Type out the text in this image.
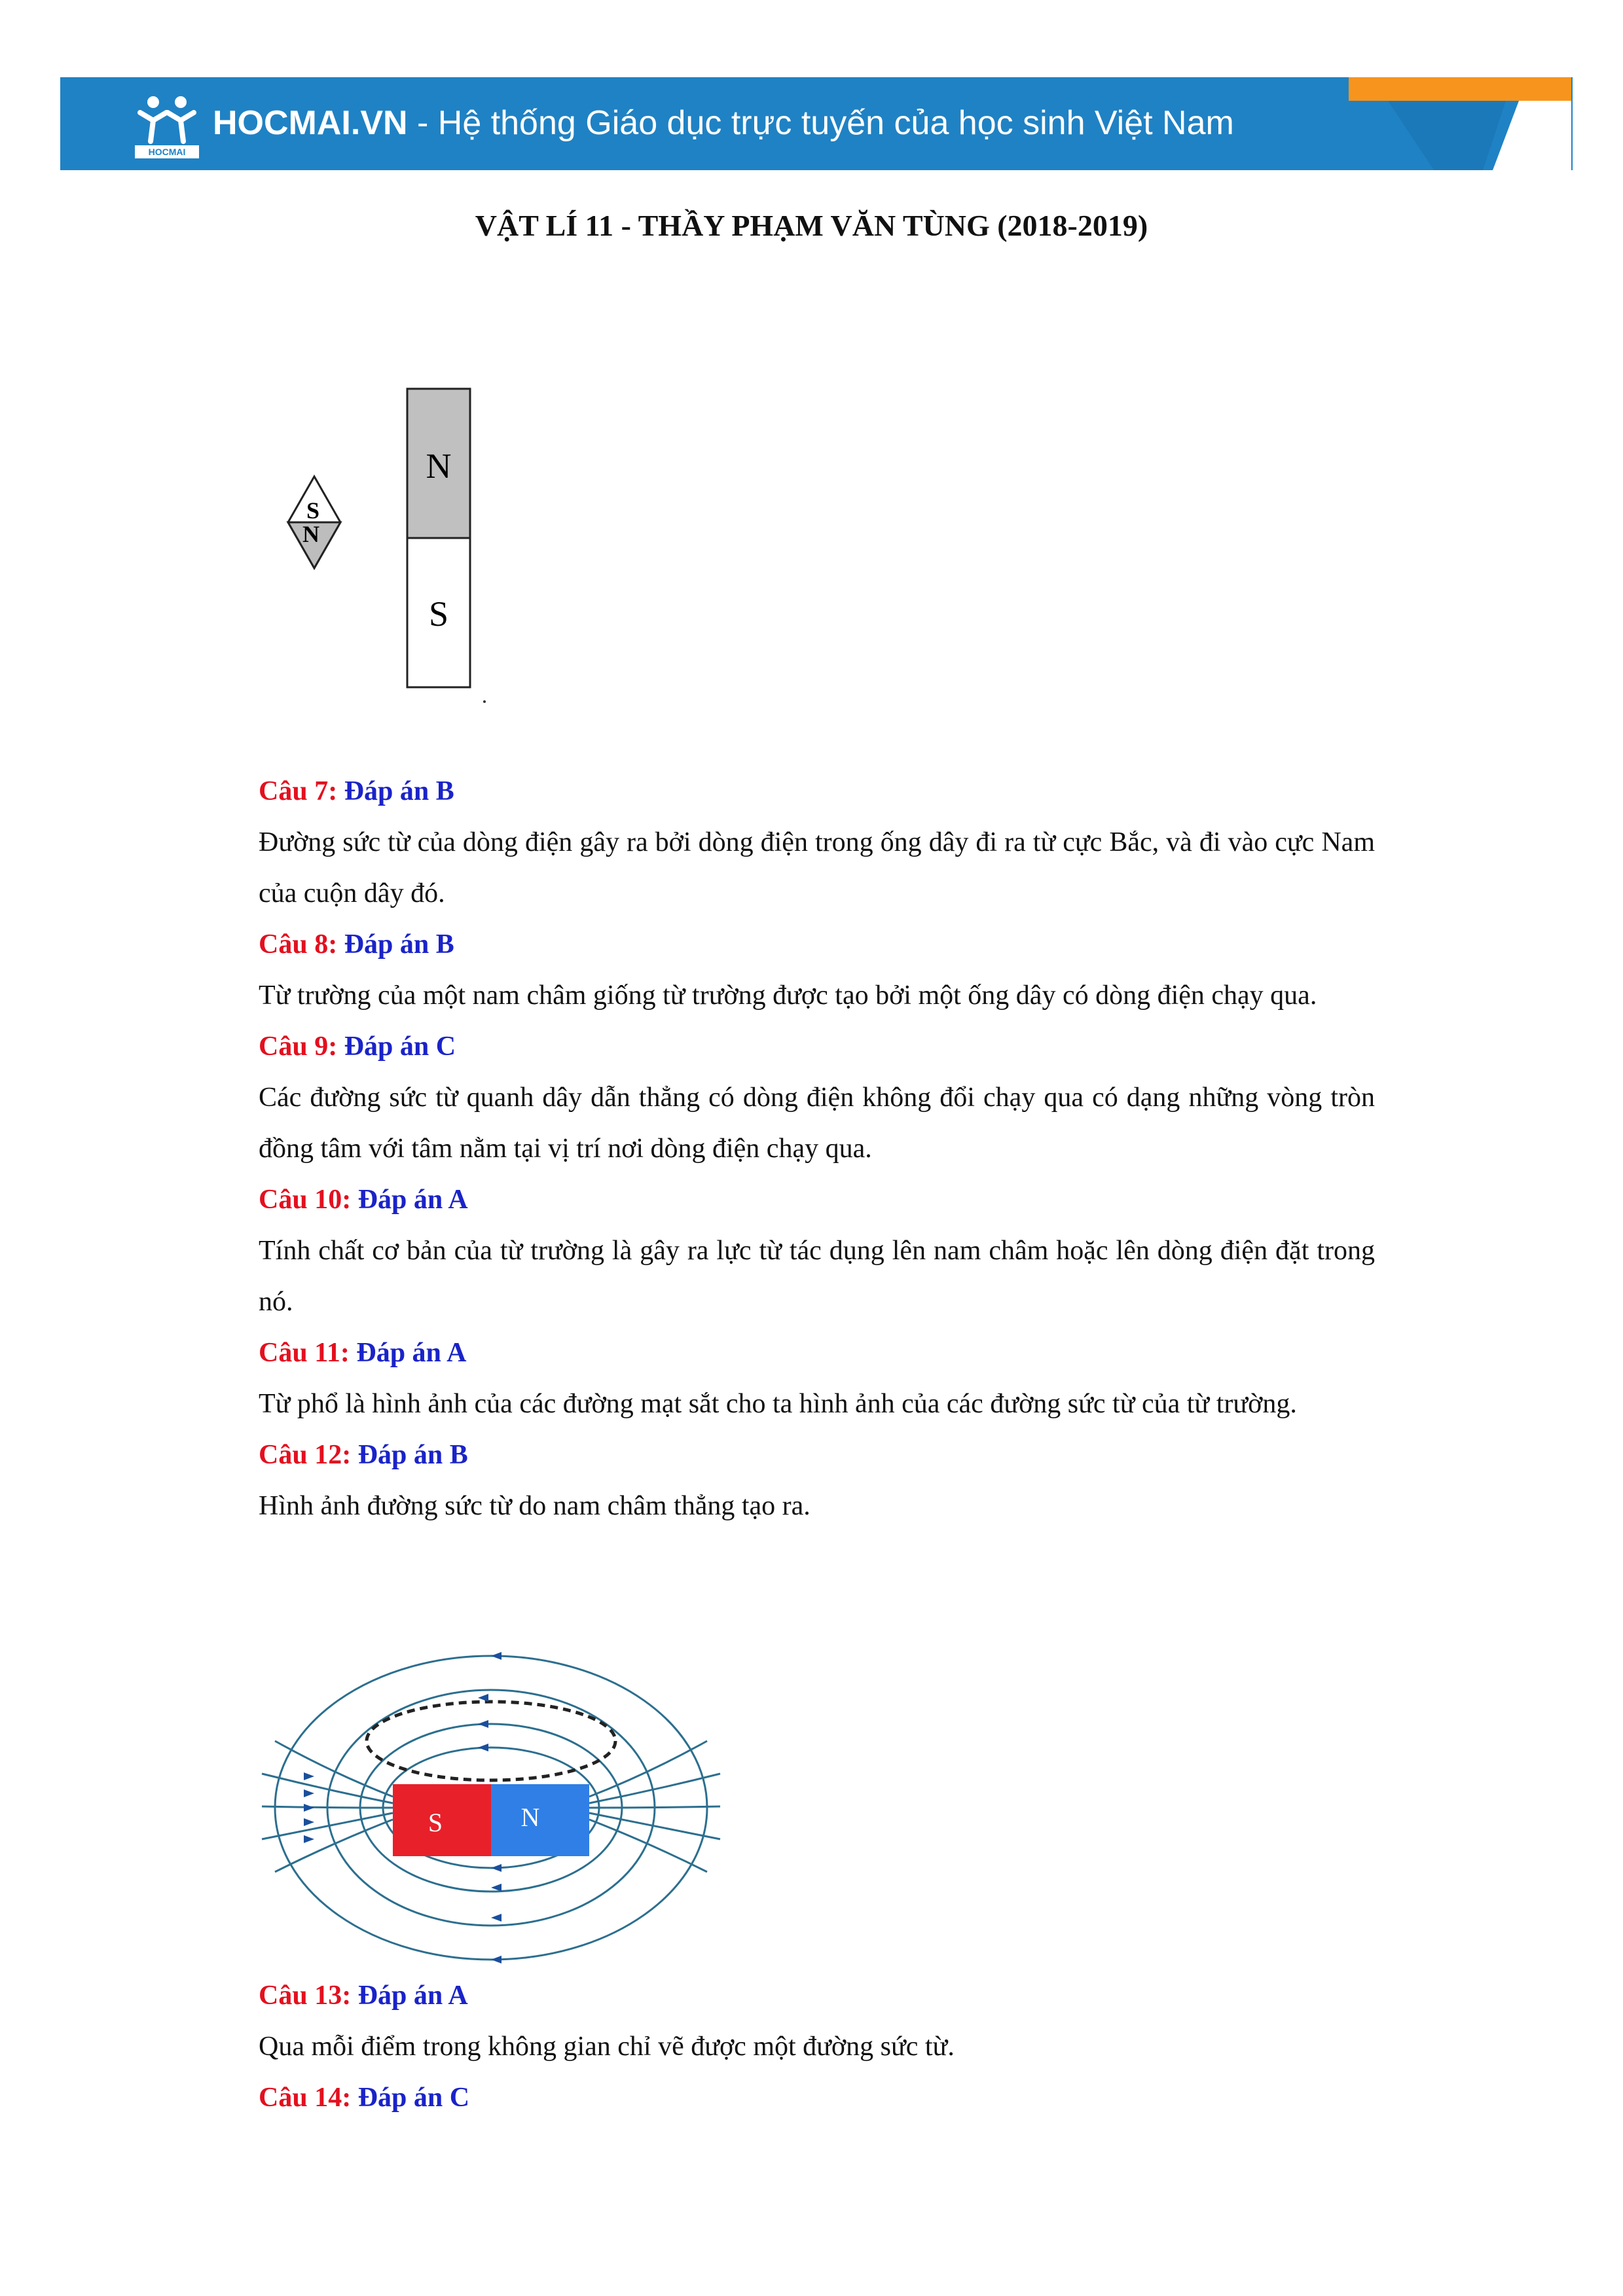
HOCMAI
HOCMAI.VN - Hệ thống Giáo dục trực tuyến của học sinh Việt Nam
VẬT LÍ 11 - THẦY PHẠM VĂN TÙNG (2018-2019)
S
N
N
S

Câu 7: Đáp án B

Đường sức từ của dòng điện gây ra bởi dòng điện trong ống dây đi ra từ cực Bắc, và đi vào cực Nam của cuộn dây đó.

Câu 8: Đáp án B

Từ trường của một nam châm giống từ trường được tạo bởi một ống dây có dòng điện chạy qua.

Câu 9: Đáp án C

Các đường sức từ quanh dây dẫn thẳng có dòng điện không đổi chạy qua có dạng những vòng tròn đồng tâm với tâm nằm tại vị trí nơi dòng điện chạy qua.

Câu 10: Đáp án A

Tính chất cơ bản của từ trường là gây ra lực từ tác dụng lên nam châm hoặc lên dòng điện đặt trong nó.

Câu 11: Đáp án A

Từ phổ là hình ảnh của các đường mạt sắt cho ta hình ảnh của các đường sức từ của từ trường.

Câu 12: Đáp án B

Hình ảnh đường sức từ do nam châm thẳng tạo ra.

S	N

Câu 13: Đáp án A

Qua mỗi điểm trong không gian chỉ vẽ được một đường sức từ.

Câu 14: Đáp án C
